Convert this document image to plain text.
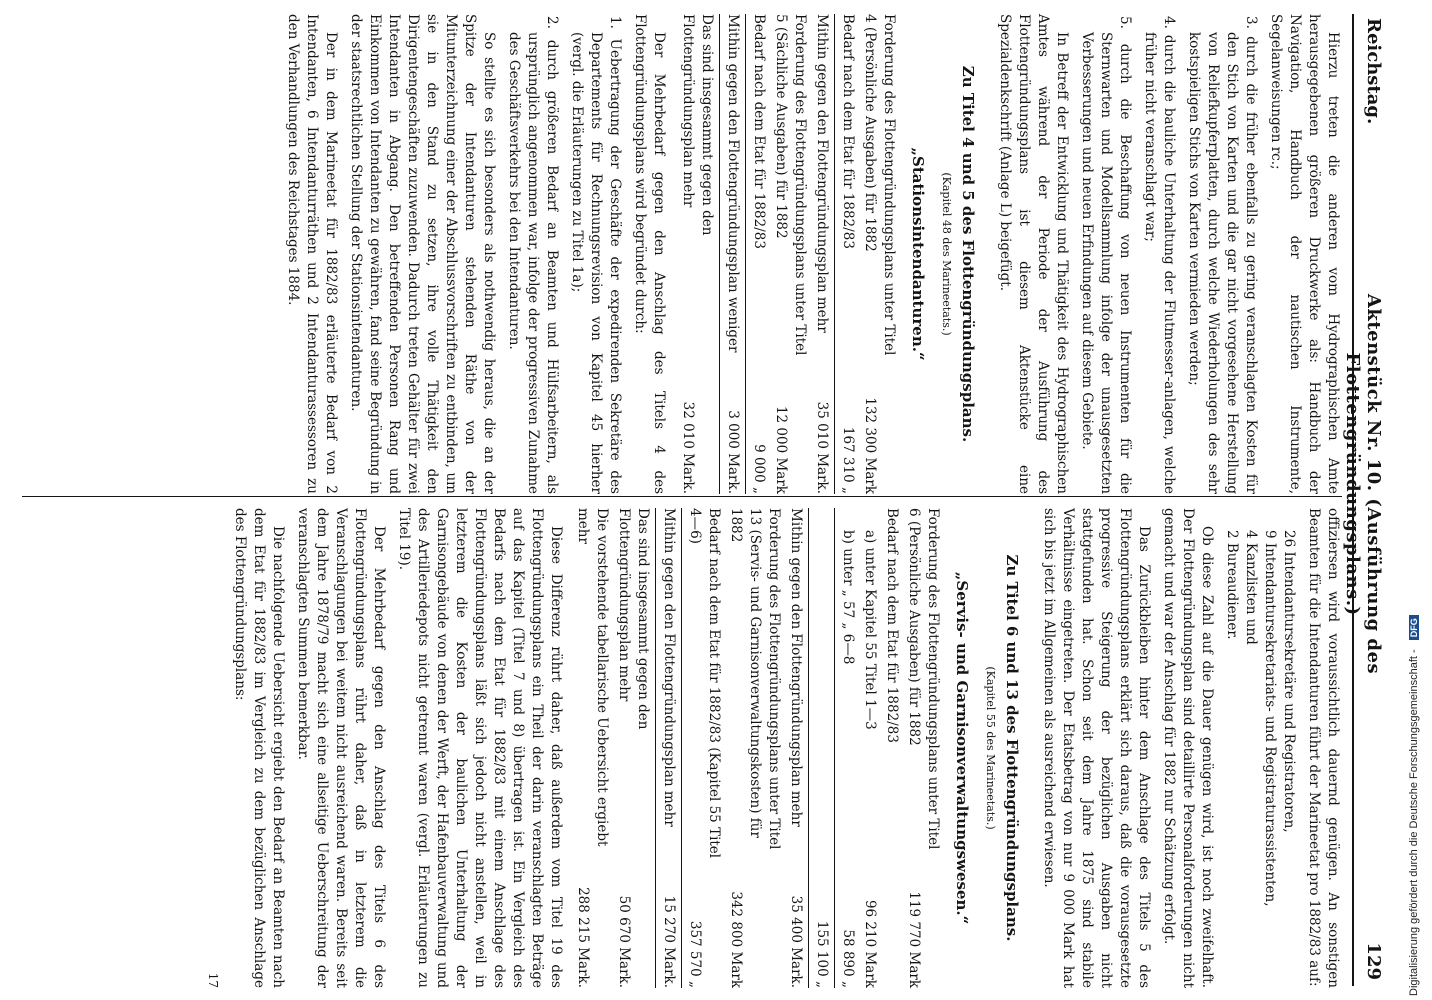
Reichstag.
Aktenstück Nr. 10. (Ausführung des Flottengründungsplans.)
129

Hierzu treten die anderen vom Hydrographischen Amte herausgegebenen größeren Druckwerke als: Handbuch der Navigation, Handbuch der nautischen Instrumente, Segelanweisungen rc.;

3. durch die früher ebenfalls zu gering veranschlagten Kosten für den Stich von Karten und die gar nicht vorgesehene Herstellung von Reliefkupferplatten, durch welche Wiederholungen des sehr kostspieligen Stichs von Karten vermieden werden;

4. durch die bauliche Unterhaltung der Flutmesser-anlagen, welche früher nicht veranschlagt war;

5. durch die Beschaffung von neuen Instrumenten für die Sternwarten und Modellsammlung infolge der unausgesetzten Verbesserungen und neuen Erfindungen auf diesem Gebiete.

In Betreff der Entwicklung und Thätigkeit des Hydrographischen Amtes während der Periode der Ausführung des Flottengründungsplans ist diesem Aktenstücke eine Spezialdenkschrift (Anlage L) beigefügt.

Zu Titel 4 und 5 des Flottengründungsplans.
(Kapitel 48 des Marineetats.)
„Stationsintendanturen.“
Forderung des Flottengründungsplans unter Titel 4 (Persönliche Ausgaben) für 1882
132 300 Mark
Bedarf nach dem Etat für 1882/83
167 310 „
Mithin gegen den Flottengründungsplan mehr
35 010 Mark.
Forderung des Flottengründungsplans unter Titel 5 (Sächliche Ausgaben) für 1882
12 000 Mark
Bedarf nach dem Etat für 1882/83
9 000 „
Mithin gegen den Flottengründungsplan weniger
3 000 Mark.
Das sind insgesammt gegen den Flottengründungsplan mehr
32 010 Mark.

Der Mehrbedarf gegen den Anschlag des Titels 4 des Flottengründungsplans wird begründet durch:

1. Uebertragung der Geschäfte der expedirenden Sekretäre des Departements für Rechnungsrevision von Kapitel 45 hierher (vergl. die Erläuterungen zu Titel 1a);

2. durch größeren Bedarf an Beamten und Hülfsarbeitern, als ursprünglich angenommen war, infolge der progressiven Zunahme des Geschäftsverkehrs bei den Intendanturen.

So stellte es sich besonders als nothwendig heraus, die an der Spitze der Intendanturen stehenden Räthe von der Mitunterzeichnung einer der Abschlussvorschriften zu entbinden, um sie in den Stand zu setzen, ihre volle Thätigkeit den Dirigentengeschäften zuzuwenden. Dadurch treten Gehälter für zwei Intendanten in Abgang. Den betreffenden Personen Rang und Einkommen von Intendanten zu gewähren, fand seine Begründung in der staatsrechtlichen Stellung der Stationsintendanturen.

Der in dem Marineetat für 1882/83 erläuterte Bedarf von 2 Intendanten, 6 Intendanturräthen und 2 Intendanturassessoren zu den Verhandlungen des Reichstages 1884.

offiziersen wird voraussichtlich dauernd genügen. An sonstigen Beamten für die Intendanturen führt der Marineetat pro 1882/83 auf:

26 Intendantursekretäre und Registratoren,
9 Intendantursekretariats- und Registraturassistenten,
4 Kanzlisten und
2 Bureaudiener.

Ob diese Zahl auf die Dauer genügen wird, ist noch zweifelhaft. Der Flottengründungsplan sind detaillirte Personalforderungen nicht gemacht und war der Anschlag für 1882 nur Schätzung erfolgt.

Das Zurückbleiben hinter dem Anschlage des Titels 5 des Flottengründungsplans erklärt sich daraus, daß die vorausgesetzte progressive Steigerung der bezüglichen Ausgaben nicht stattgefunden hat. Schon seit dem Jahre 1875 sind stabile Verhältnisse eingetreten. Der Etatsbetrag von nur 9 000 Mark hat sich bis jetzt im Allgemeinen als ausreichend erwiesen.

Zu Titel 6 und 13 des Flottengründungsplans.
(Kapitel 55 des Marineetats.)
„Servis- und Garnisonverwaltungswesen.“
Forderung des Flottengründungsplans unter Titel 6 (Persönliche Ausgaben) für 1882
119 770 Mark
Bedarf nach dem Etat für 1882/83
a) unter Kapitel 55 Titel 1—3
96 210 Mark
b) unter „ 57 „ 6—8
58 890 „
155 100 „
Mithin gegen den Flottengründungsplan mehr
35 400 Mark.
Forderung des Flottengründungsplans unter Titel 13 (Servis- und Garnisonverwaltungskosten) für 1882
342 800 Mark
Bedarf nach dem Etat für 1882/83 (Kapitel 55 Titel 4—6)
357 570 „
Mithin gegen den Flottengründungsplan mehr
15 270 Mark.
Das sind insgesammt gegen den Flottengründungsplan mehr
50 670 Mark.
Die vorstehende tabellarische Uebersicht ergiebt mehr
288 215 Mark.

Diese Differenz rührt daher, daß außerdem vom Titel 19 des Flottengründungsplans ein Theil der darin veranschlagten Beträge auf das Kapitel (Titel 7 und 8) übertragen ist. Ein Vergleich des Bedarfs nach dem Etat für 1882/83 mit einem Anschlage des Flottengründungsplans läßt sich jedoch nicht anstellen, weil in letzterem die Kosten der baulichen Unterhaltung der Garnisongebäude von denen der Werft, der Hafenbauverwaltung und des Artilleriedepots nicht getrennt waren (vergl. Erläuterungen zu Titel 19).

Der Mehrbedarf gegen den Anschlag des Titels 6 des Flottengründungsplans rührt daher, daß in letzterem die Veranschlagungen bei weitem nicht ausreichend waren. Bereits seit dem Jahre 1878/79 macht sich eine allseitige Ueberschreitung der veranschlagten Summen bemerkbar.

Die nachfolgende Uebersicht ergiebt den Bedarf an Beamten nach dem Etat für 1882/83 im Vergleich zu dem bezüglichen Anschlage des Flottengründungsplans:

17	Digitalisierung gefördert durch die Deutsche Forschungsgemeinschaft - DFG
